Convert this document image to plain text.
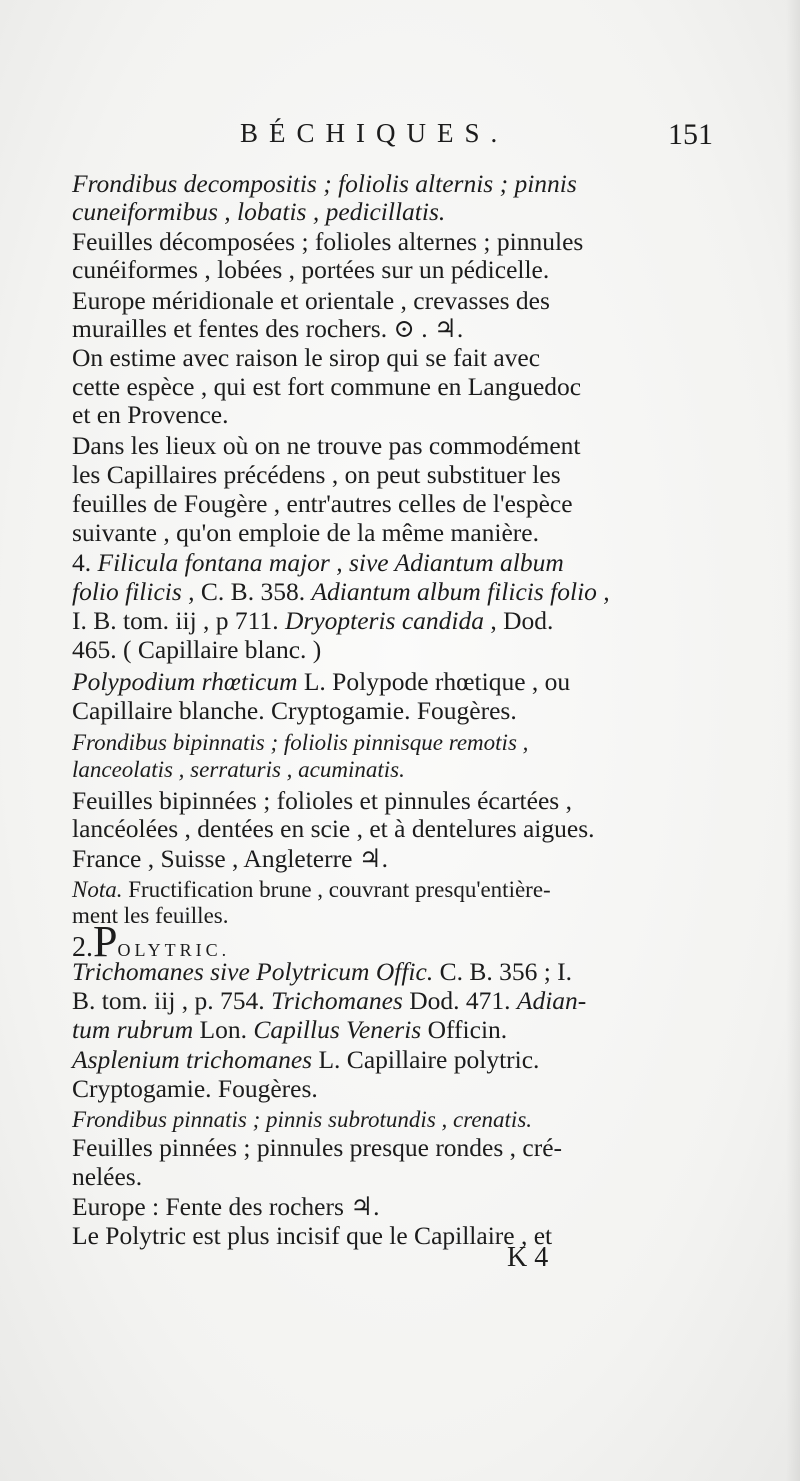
BÉCHIQUES.	151
Frondibus decompositis ; foliolis alternis ; pinnis
cuneiformibus , lobatis , pedicillatis.
Feuilles décomposées ; folioles alternes ; pinnules
cunéiformes , lobées , portées sur un pédicelle.
Europe méridionale et orientale , crevasses des
murailles et fentes des rochers. ⊙ . ♃.
On estime avec raison le sirop qui se fait avec
cette espèce , qui est fort commune en Languedoc
et en Provence.
Dans les lieux où on ne trouve pas commodément
les Capillaires précédens , on peut substituer les
feuilles de Fougère , entr'autres celles de l'espèce
suivante , qu'on emploie de la même manière.
4. Filicula fontana major , sive Adiantum album
folio filicis , C. B. 358. Adiantum album filicis folio ,
I. B. tom. iij , p 711. Dryopteris candida , Dod.
465. ( Capillaire blanc. )
Polypodium rhœticum L. Polypode rhœtique , ou
Capillaire blanche. Cryptogamie. Fougères.
Frondibus bipinnatis ; foliolis pinnisque remotis ,
lanceolatis , serraturis , acuminatis.
Feuilles bipinnées ; folioles et pinnules écartées ,
lancéolées , dentées en scie , et à dentelures aigues.
France , Suisse , Angleterre ♃.
Nota. Fructification brune , couvrant presqu'entière-
ment les feuilles.
2.POLYTRIC.
Trichomanes sive Polytricum Offic. C. B. 356 ; I.
B. tom. iij , p. 754. Trichomanes Dod. 471. Adian-
tum rubrum Lon. Capillus Veneris Officin.
Asplenium trichomanes L. Capillaire polytric.
Cryptogamie. Fougères.
Frondibus pinnatis ; pinnis subrotundis , crenatis.
Feuilles pinnées ; pinnules presque rondes , cré-
nelées.
Europe : Fente des rochers ♃.
Le Polytric est plus incisif que le Capillaire , et
K 4
